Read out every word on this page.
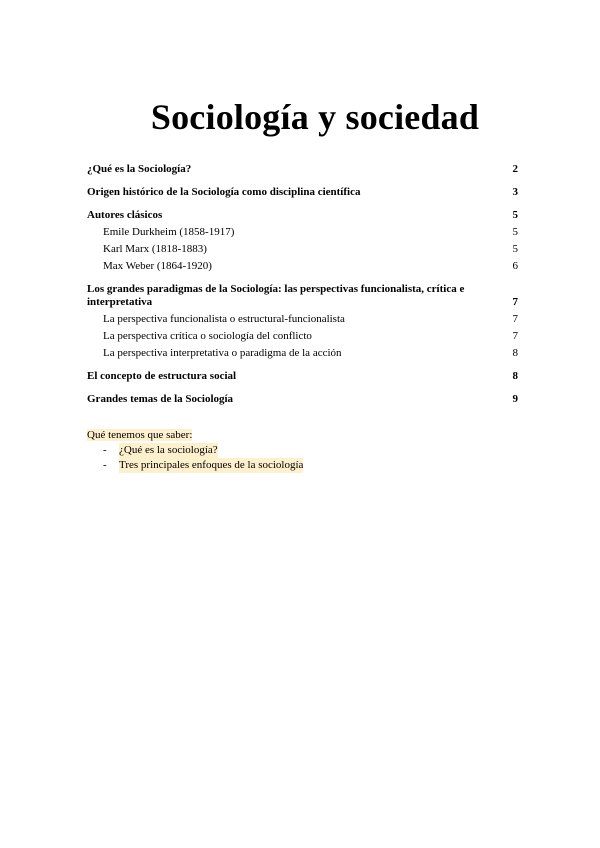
Sociología y sociedad
¿Qué es la Sociología?	2
Origen histórico de la Sociología como disciplina científica	3
Autores clásicos	5
Emile Durkheim (1858-1917)	5
Karl Marx (1818-1883)	5
Max Weber (1864-1920)	6
Los grandes paradigmas de la Sociología: las perspectivas funcionalista, crítica e interpretativa	7
La perspectiva funcionalista o estructural-funcionalista	7
La perspectiva crítica o sociología del conflicto	7
La perspectiva interpretativa o paradigma de la acción	8
El concepto de estructura social	8
Grandes temas de la Sociología	9
Qué tenemos que saber:
-	¿Qué es la sociología?
-	Tres principales enfoques de la sociología
